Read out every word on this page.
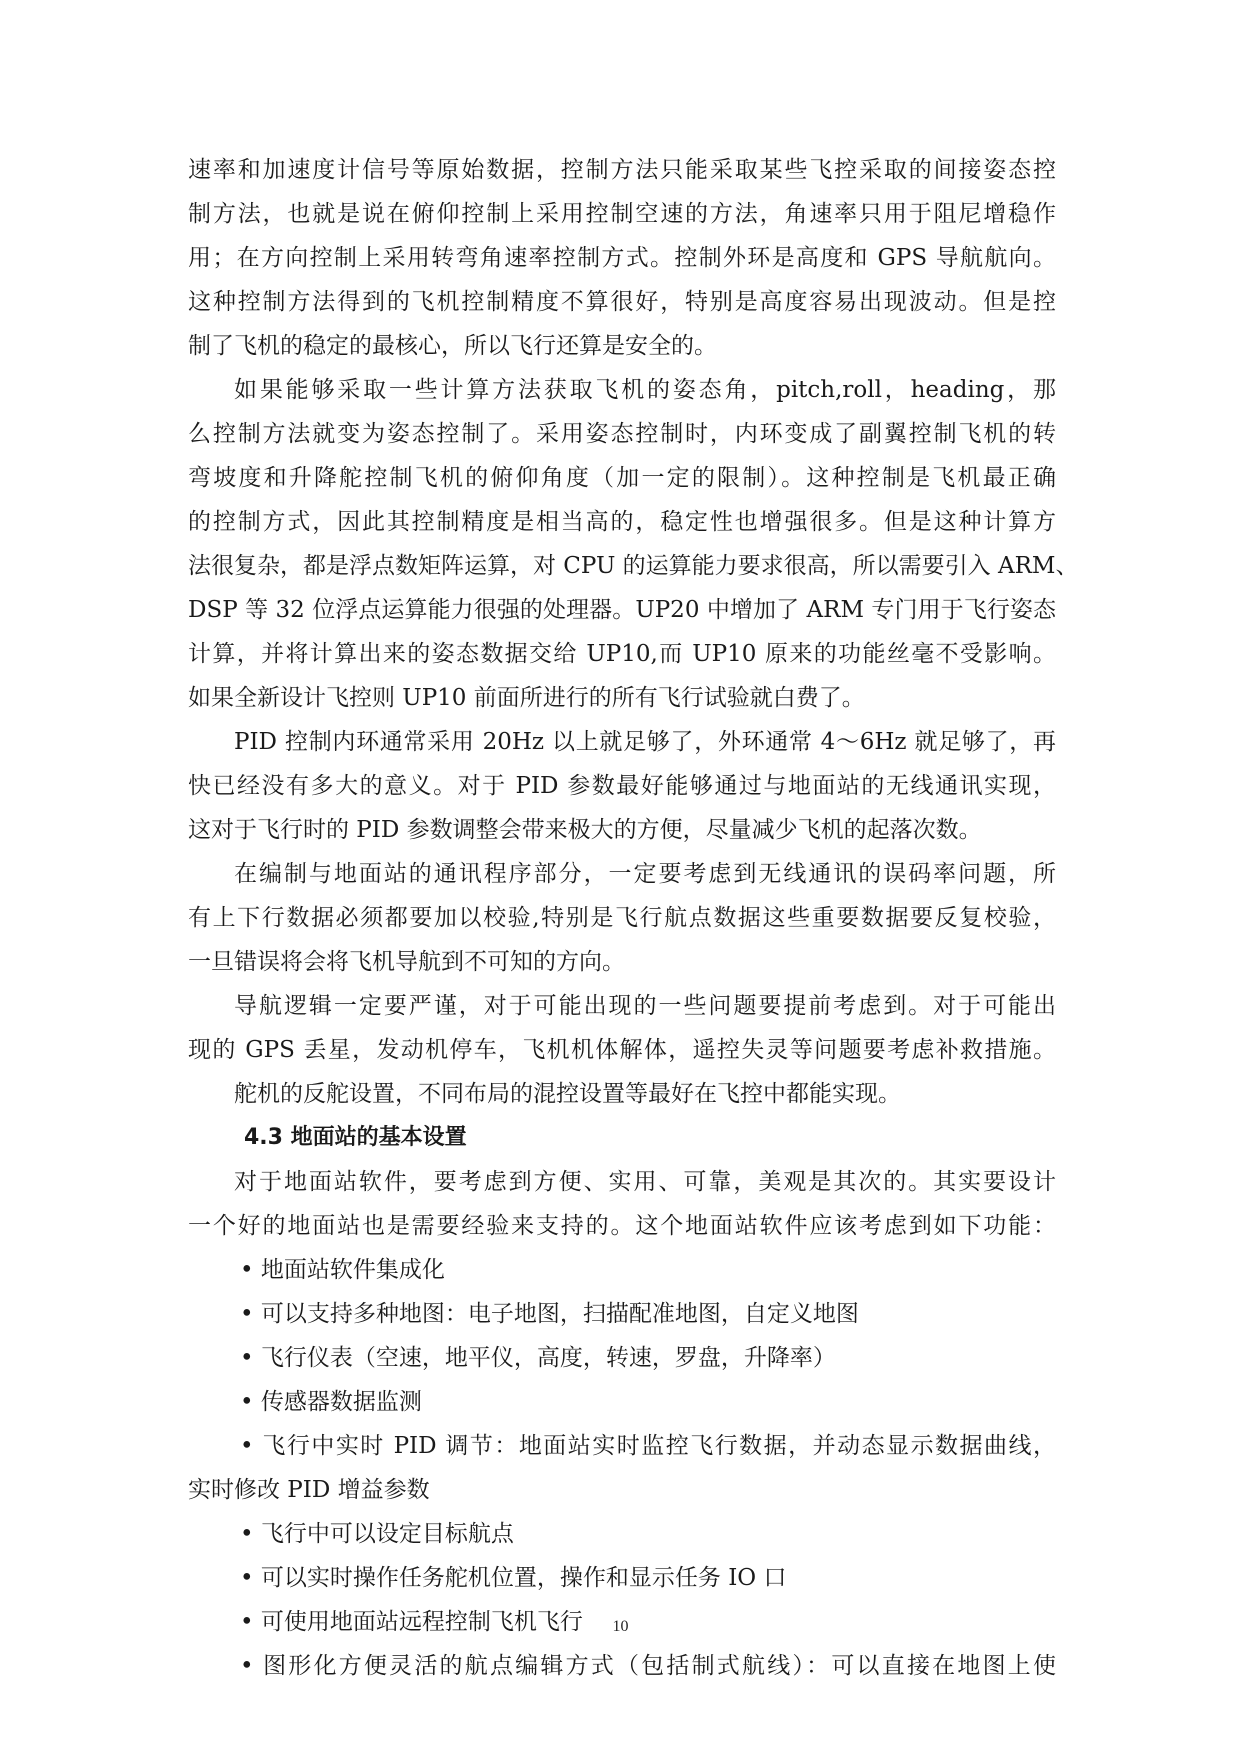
速率和加速度计信号等原始数据，控制方法只能采取某些飞控采取的间接姿态控
制方法，也就是说在俯仰控制上采用控制空速的方法，角速率只用于阻尼增稳作
用；在方向控制上采用转弯角速率控制方式。控制外环是高度和 GPS 导航航向。
这种控制方法得到的飞机控制精度不算很好，特别是高度容易出现波动。但是控
制了飞机的稳定的最核心，所以飞行还算是安全的。
如果能够采取一些计算方法获取飞机的姿态角，pitch,roll，heading，那
么控制方法就变为姿态控制了。采用姿态控制时，内环变成了副翼控制飞机的转
弯坡度和升降舵控制飞机的俯仰角度（加一定的限制）。这种控制是飞机最正确
的控制方式，因此其控制精度是相当高的，稳定性也增强很多。但是这种计算方
法很复杂，都是浮点数矩阵运算，对 CPU 的运算能力要求很高，所以需要引入 ARM、
DSP 等 32 位浮点运算能力很强的处理器。UP20 中增加了 ARM 专门用于飞行姿态
计算，并将计算出来的姿态数据交给 UP10,而 UP10 原来的功能丝毫不受影响。
如果全新设计飞控则 UP10 前面所进行的所有飞行试验就白费了。
PID 控制内环通常采用 20Hz 以上就足够了，外环通常 4～6Hz 就足够了，再
快已经没有多大的意义。对于 PID 参数最好能够通过与地面站的无线通讯实现，
这对于飞行时的 PID 参数调整会带来极大的方便，尽量减少飞机的起落次数。
在编制与地面站的通讯程序部分，一定要考虑到无线通讯的误码率问题，所
有上下行数据必须都要加以校验,特别是飞行航点数据这些重要数据要反复校验，
一旦错误将会将飞机导航到不可知的方向。
导航逻辑一定要严谨，对于可能出现的一些问题要提前考虑到。对于可能出
现的 GPS 丢星，发动机停车，飞机机体解体，遥控失灵等问题要考虑补救措施。
舵机的反舵设置，不同布局的混控设置等最好在飞控中都能实现。
4.3 地面站的基本设置
对于地面站软件，要考虑到方便、实用、可靠，美观是其次的。其实要设计
一个好的地面站也是需要经验来支持的。这个地面站软件应该考虑到如下功能：
• 地面站软件集成化
• 可以支持多种地图：电子地图，扫描配准地图，自定义地图
• 飞行仪表（空速，地平仪，高度，转速，罗盘，升降率）
• 传感器数据监测
• 飞行中实时 PID 调节：地面站实时监控飞行数据，并动态显示数据曲线，
实时修改 PID 增益参数
• 飞行中可以设定目标航点
• 可以实时操作任务舵机位置，操作和显示任务 IO 口
• 可使用地面站远程控制飞机飞行
• 图形化方便灵活的航点编辑方式（包括制式航线）：可以直接在地图上使
10
